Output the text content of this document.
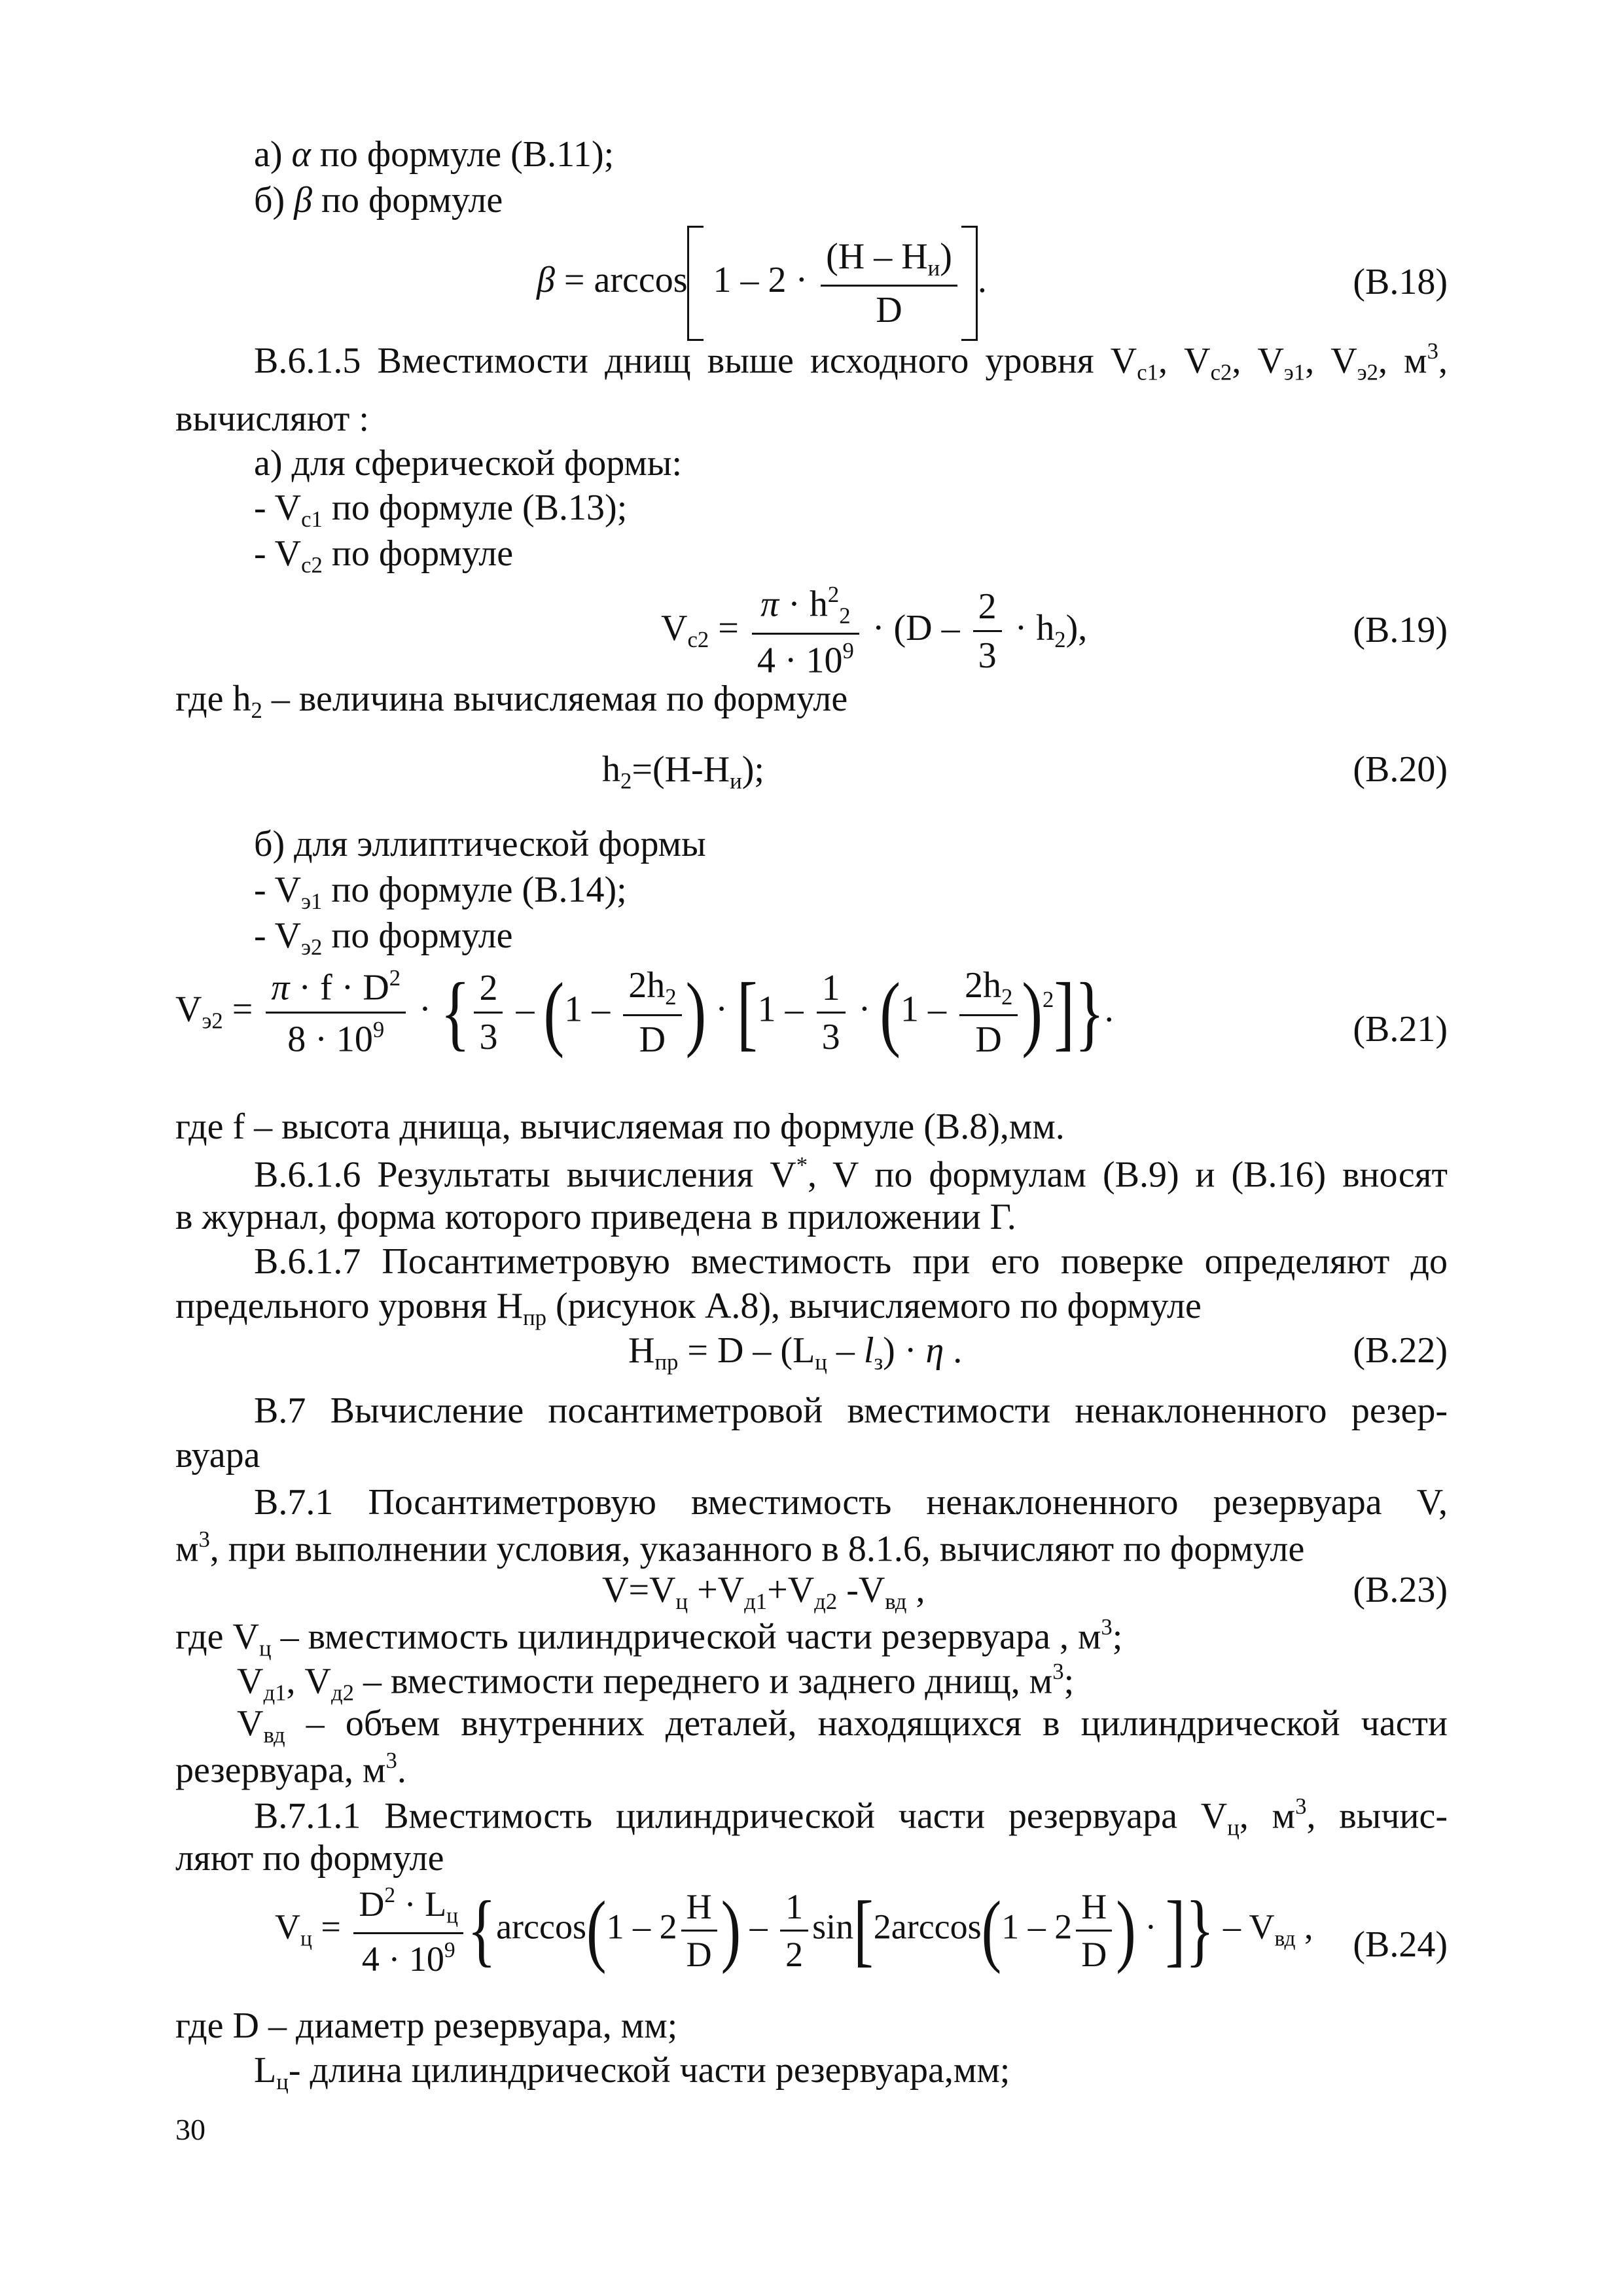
а) α по формуле (В.11);
б) β по формуле
$\beta = \arccos 1 - 2 \cdot \frac{(H - H_и)}{D}$ .	(В.18)
В.6.1.5 Вместимости днищ выше исходного уровня $V_{с1}$, $V_{с2}$, $V_{э1}$, $V_{э2}$, $м^3$,
вычисляют :
а) для сферической формы:
- $V_{с1}$ по формуле (В.13);
- $V_{с2}$ по формуле
$V_{с2} = \frac{\pi \cdot h^2_2}{4 \cdot 10^9} \cdot (D - \frac{2}{3} \cdot h_2)$,	(В.19)
где $h_2$ – величина вычисляемая по формуле
$h_2=(H-H_и)$;	(В.20)
б) для эллиптической формы
- $V_{э1}$ по формуле (В.14);
- $V_{э2}$ по формуле
$V_{э2} = \frac{\pi \cdot f \cdot D^2}{8 \cdot 10^9}$ · { $\frac{2}{3} - (1 - \frac{2h_2}{D}$ ) · $[1 - \frac{1}{3} \cdot (1 - \frac{2h_2}{D} )^2]$}.	(В.21)
где f – высота днища, вычисляемая по формуле (В.8),мм.
В.6.1.6 Результаты вычисления V*, V по формулам (В.9) и (В.16) вносят
в журнал, форма которого приведена в приложении Г.
В.6.1.7 Посантиметровую вместимость при его поверке определяют до
предельного уровня $H_{пр}$ (рисунок А.8), вычисляемого по формуле
$H_{пр} = D - (L_ц - l_з) \cdot \eta$ .	(В.22)
В.7 Вычисление посантиметровой вместимости ненаклоненного резер-
вуара
В.7.1 Посантиметровую вместимость ненаклоненного резервуара V,
$м^3$, при выполнении условия, указанного в 8.1.6, вычисляют по формуле
$V=V_ц +V_{д1}+V_{д2}$ $-V_{вд}$ ,	(В.23)
где $V_ц$ – вместимость цилиндрической части резервуара , $м^3$;
$V_{д1}$, $V_{д2}$ – вместимости переднего и заднего днищ, $м^3$;
$V_{вд}$ – объем внутренних деталей, находящихся в цилиндрической части
резервуара, $м^3$.
В.7.1.1 Вместимость цилиндрической части резервуара $V_ц$, $м^3$, вычис-
ляют по формуле
$V_ц = \frac{D^2 \cdot L_ц}{4 \cdot 10^9} \{\arccos(1 - 2 \frac{H}{D}$ ) – $\frac{1}{2} \sin[2\arccos(1 - 2 \frac{H}{D}$ ) · ]} – $V_{вд}$ , (В.24)
где D – диаметр резервуара, мм;
$L_ц-$ длина цилиндрической части резервуара,мм;
30
